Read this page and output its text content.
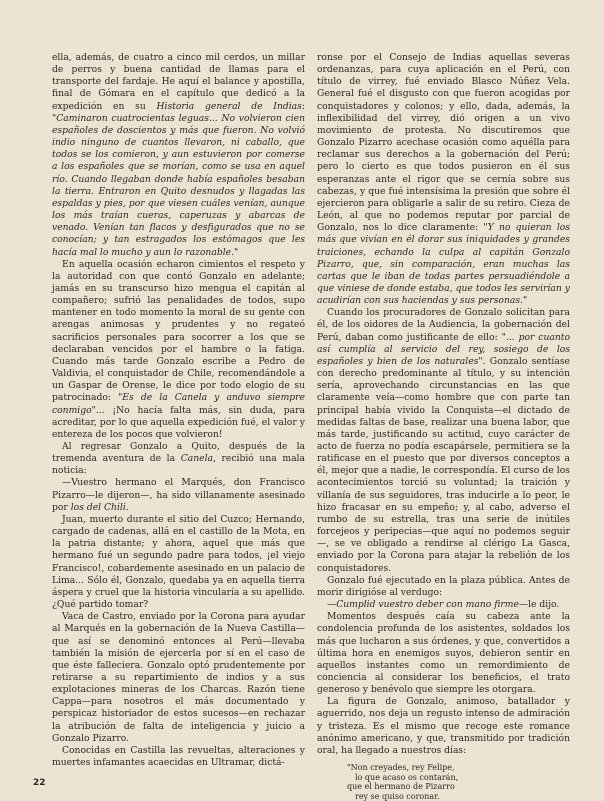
ella, además, de cuatro a cinco mil cerdos, un millar de perros y buena cantidad de llamas para el transporte del fardaje. He aquí el balance y apostilla, final de Gómara en el capítulo que dedicó a la expedición en su Historia general de Indias: "Caminaron cuatrocientas leguas... No volvieron cien españoles de doscientos y más que fueron. No volvió indio ninguno de cuantos llevaron, ni caballo, que todos se los comieron, y aun estuvieron por comerse a los españoles que se morían, como se usa en aquel río. Cuando llegaban donde había españoles besaban la tierra. Entraron en Quito desnudos y llagadas las espaldas y pies, por que viesen cuáles venían, aunque los más traían cueras, caperuzas y abarcas de venado. Venían tan flacos y desfigurados que no se conocían; y tan estragados los estómagos que les hacía mal lo mucho y aun lo razonable."

En aquella ocasión echaron cimientos el respeto y la autoridad con que contó Gonzalo en adelante; jamás en su transcurso hizo mengua el capitán al compañero; sufrió las penalidades de todos, supo mantener en todo momento la moral de su gente con arengas animosas y prudentes y no regateó sacrificios personales para socorrer a los que se declaraban vencidos por el hambre o la fatiga. Cuando más tarde Gonzalo escribe a Pedro de Valdivia, el conquistador de Chile, recomendándole a un Gaspar de Orense, le dice por todo elogio de su patrocinado: "Es de la Canela y anduvo siempre conmigo"... ¡No hacía falta más, sin duda, para acreditar, por lo que aquella expedición fué, el valor y entereza de los pocos que volvieron!

Al regresar Gonzalo a Quito, después de la tremenda aventura de la Canela, recibió una mala noticia:

—Vuestro hermano el Marqués, don Francisco Pizarro—le dijeron—, ha sido villanamente asesinado por los del Chili.

Juan, muerto durante el sitio del Cuzco; Hernando, cargado de cadenas, allá en el castillo de la Mota, en la patria distante; y ahora, aquel que más que hermano fué un segundo padre para todos, ¡el viejo Francisco!, cobardemente asesinado en un palacio de Lima... Sólo él, Gonzalo, quedaba ya en aquella tierra áspera y cruel que la historia vincularía a su apellido. ¿Qué partido tomar?

Vaca de Castro, enviado por la Corona para ayudar al Marqués en la gobernación de la Nueva Castilla—que así se denominó entonces al Perú—llevaba también la misión de ejercerla por sí en el caso de que éste falleciera. Gonzalo optó prudentemente por retirarse a su repartimiento de indios y a sus explotaciones mineras de los Charcas. Razón tiene Cappa—para nosotros el más documentado y perspicaz historiador de estos sucesos—en rechazar la atribución de falta de inteligencia y juicio a Gonzalo Pizarro.

Conocidas en Castilla las revueltas, alteraciones y muertes infamantes acaecidas en Ultramar, dictá-

ronse por el Consejo de Indias aquellas severas ordenanzas, para cuya aplicación en el Perú, con título de virrey, fué enviado Blasco Núñez Vela. General fué el disgusto con que fueron acogidas por conquistadores y colonos; y ello, dada, además, la inflexibilidad del virrey, dió origen a un vivo movimiento de protesta. No discutiremos que Gonzalo Pizarro acechase ocasión como aquélla para reclamar sus derechos a la gobernación del Perú; pero lo cierto es que todos pusieron en él sus esperanzas ante el rigor que se cernía sobre sus cabezas, y que fué intensísima la presión que sobre él ejercieron para obligarle a salir de su retiro. Cieza de León, al que no podemos reputar por parcial de Gonzalo, nos lo dice claramente: "Y no quieran los más que vivían en él dorar sus iniquidades y grandes traiciones, echando la culpa al capitán Gonzalo Pizarro, que, sin comparación, eran muchas las cartas que le iban de todas partes persuadiéndole a que viniese de donde estaba, que todos les servirían y acudirían con sus haciendas y sus personas."

Cuando los procuradores de Gonzalo solicitan para él, de los oidores de la Audiencia, la gobernación del Perú, daban como justificante de ello: "... por cuanto así cumplía al servicio del rey, sosiego de los españoles y bien de los naturales". Gonzalo sentíase con derecho predominante al título, y su intención sería, aprovechando circunstancias en las que claramente veía—como hombre que con parte tan principal había vivido la Conquista—el dictado de medidas faltas de base, realizar una buena labor, que más tarde, justificando su actitud, cuyo carácter de acto de fuerza no podía escapársele, permitiera se la ratificase en el puesto que por diversos conceptos a él, mejor que a nadie, le correspondía. El curso de los acontecimientos torció su voluntad; la traición y villanía de sus seguidores, tras inducirle a lo peor, le hizo fracasar en su empeño; y, al cabo, adverso el rumbo de su estrella, tras una serie de inútiles forcejeos y peripecias—que aquí no podemos seguir—, se ve obligado a rendirse al clérigo La Gasca, enviado por la Corona para atajar la rebelión de los conquistadores.

Gonzalo fué ejecutado en la plaza pública. Antes de morir dirigióse al verdugo:

—Cumplid vuestro deber con mano firme—le dijo.

Momentos después caía su cabeza ante la condolencia profunda de los asistentes, soldados los más que lucharon a sus órdenes, y que, convertidos a última hora en enemigos suyos, debieron sentir en aquellos instantes como un remordimiento de conciencia al considerar los beneficios, el trato generoso y benévolo que siempre les otorgara.

La figura de Gonzalo, animoso, batallador y aguerrido, nos deja un regusto intenso de admiración y tristeza. Es el mismo que recoge este romance anónimo americano, y que, transmitido por tradición oral, ha llegado a nuestros días:

"Non creyades, rey Felipe,
lo que acaso os contarán,
que el hermano de Pizarro
rey se quiso coronar.
22
